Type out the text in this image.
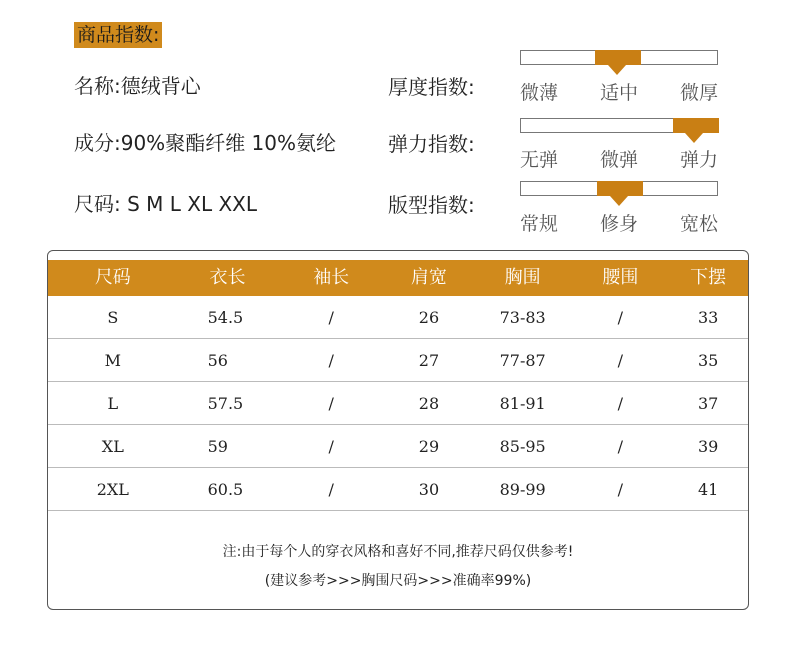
商品指数:
名称:德绒背心
成分:90%聚酯纤维 10%氨纶
尺码: S M L XL XXL
厚度指数: 微薄	适中	微厚
弹力指数:
无弹	微弹	弹力
版型指数:
常规	修身	宽松
尺码	衣长	袖长	肩宽	胸围	腰围	下摆
S	54.5	/	26	73-83	/	33
M	56	/	27	77-87	/	35
L	57.5	/	28	81-91	/	37
XL	59	/	29	85-95	/	39
2XL	60.5	/	30	89-99	/	41
注:由于每个人的穿衣风格和喜好不同,推荐尺码仅供参考!
(建议参考>>>胸围尺码>>>准确率99%)
